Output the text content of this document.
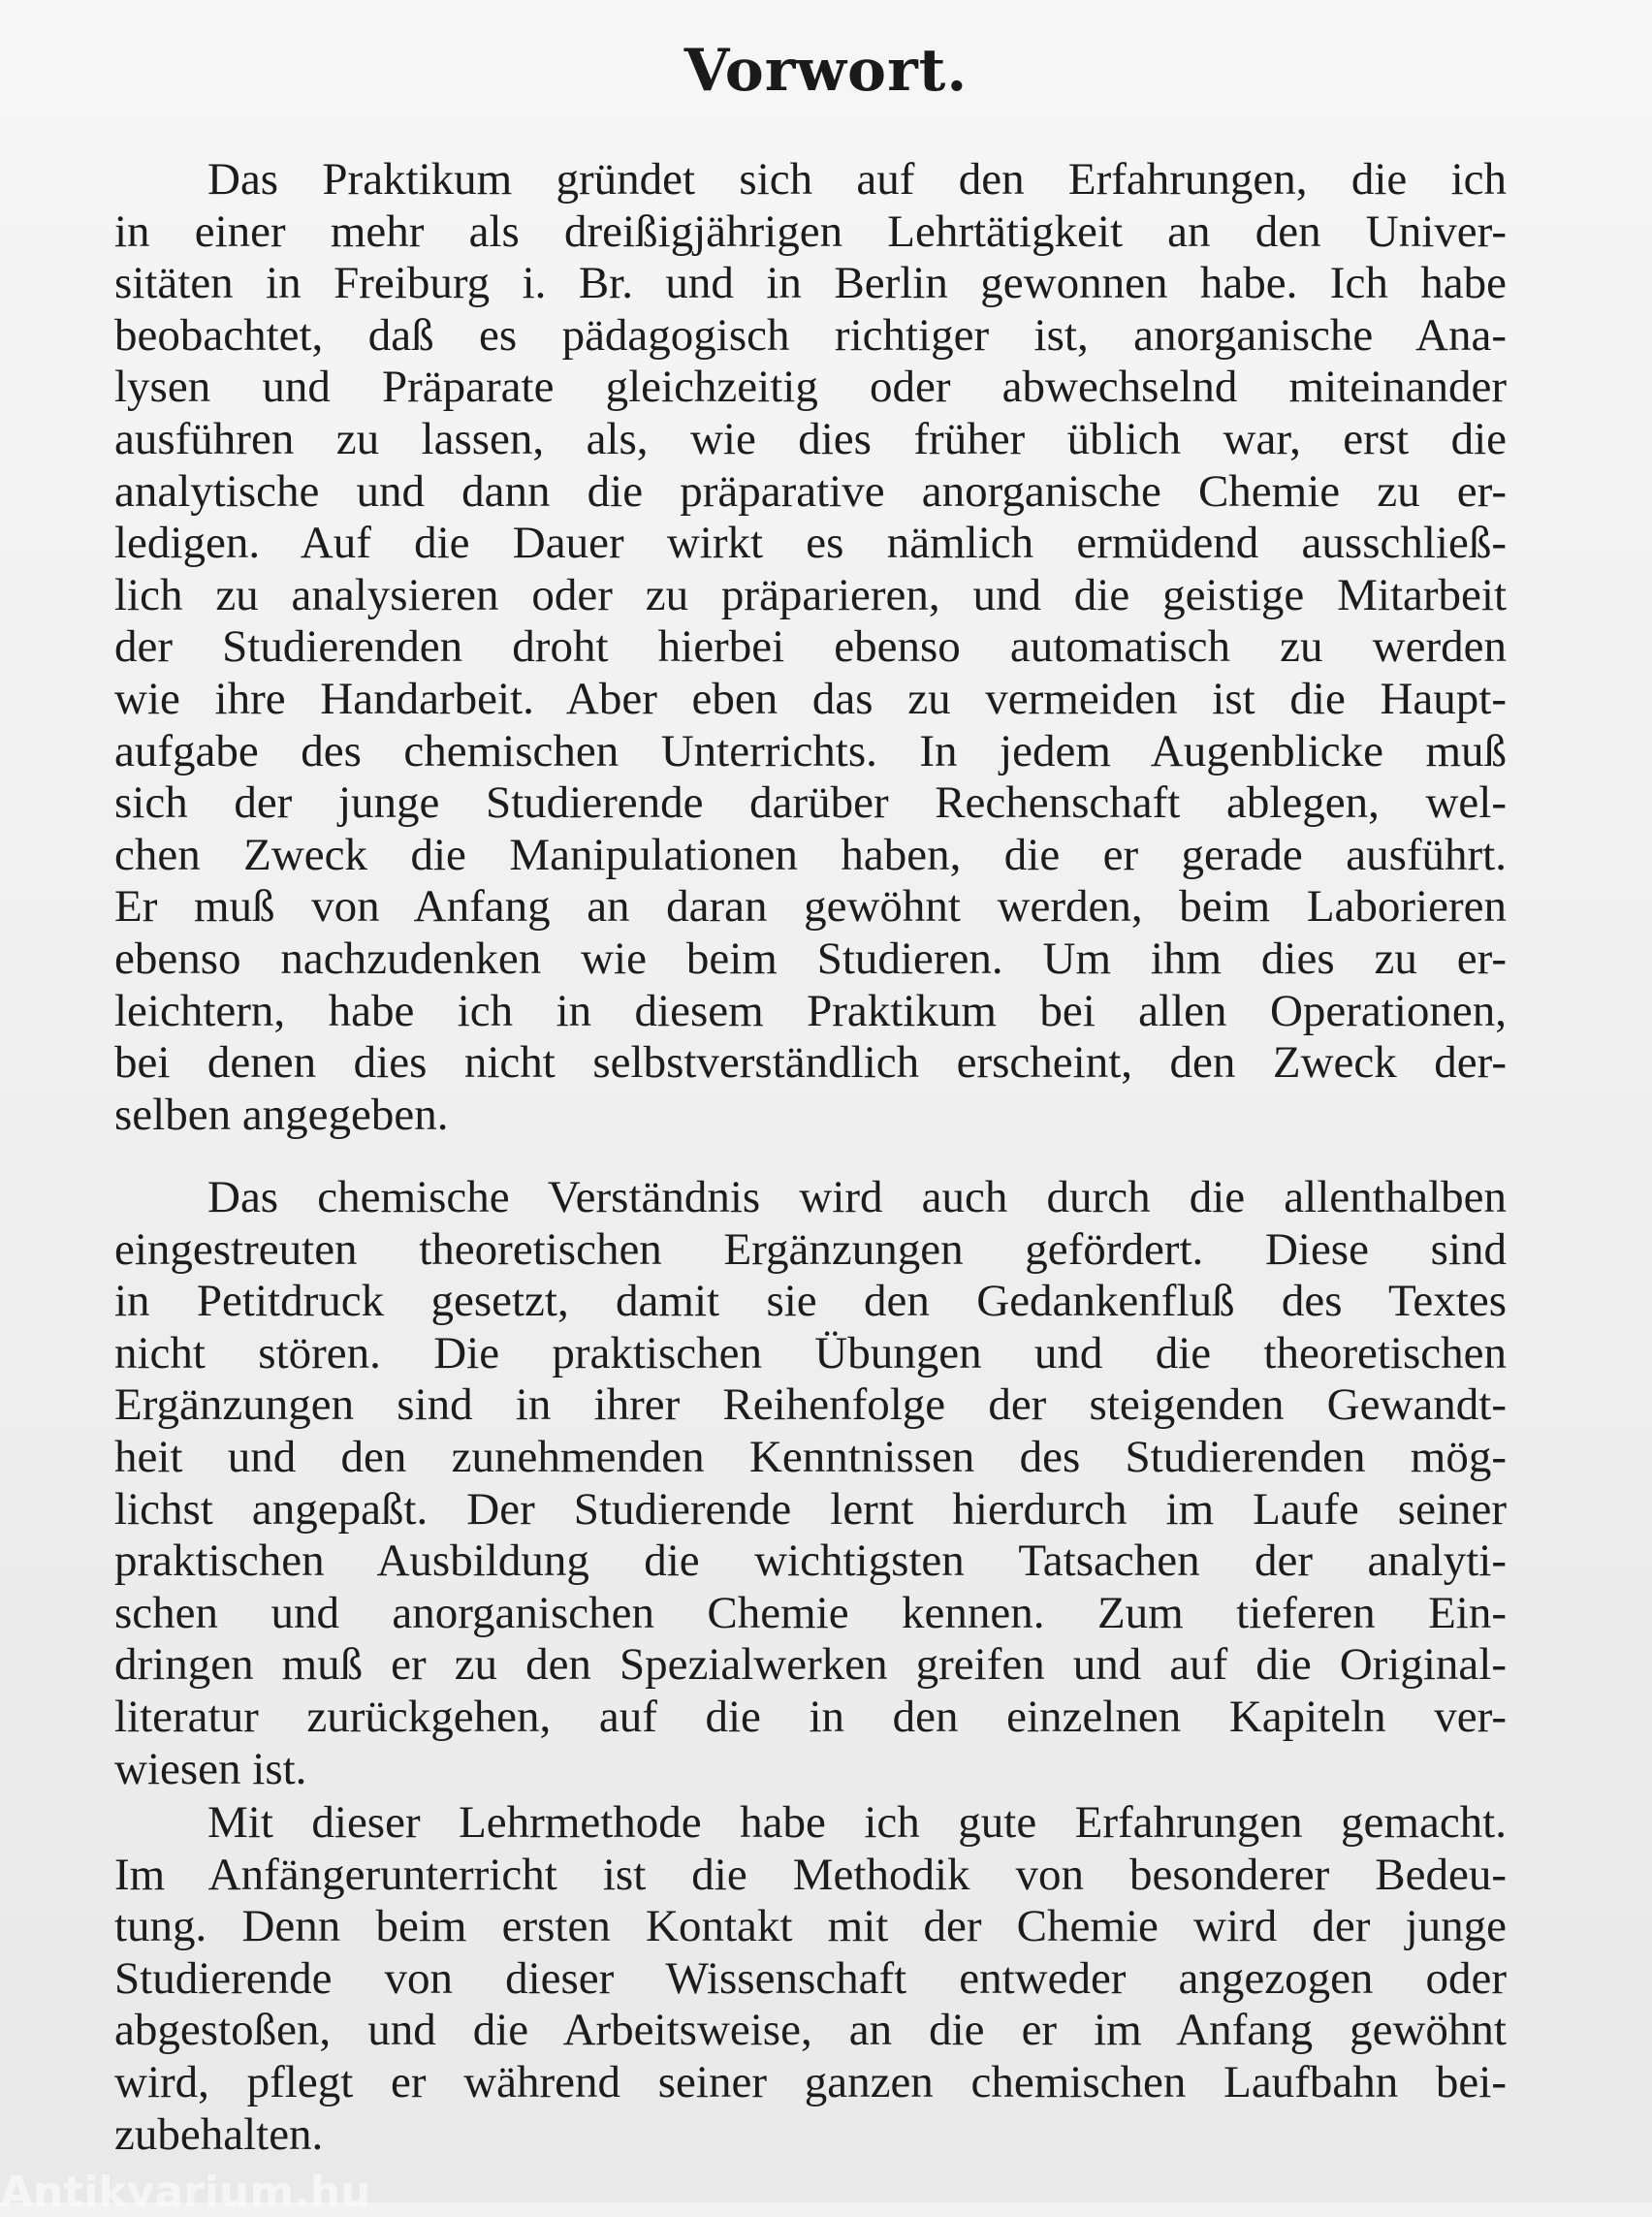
Vorwort.
Das Praktikum gründet sich auf den Erfahrungen, die ich
in einer mehr als dreißigjährigen Lehrtätigkeit an den Univer-
sitäten in Freiburg i. Br. und in Berlin gewonnen habe. Ich habe
beobachtet, daß es pädagogisch richtiger ist, anorganische Ana-
lysen und Präparate gleichzeitig oder abwechselnd miteinander
ausführen zu lassen, als, wie dies früher üblich war, erst die
analytische und dann die präparative anorganische Chemie zu er-
ledigen. Auf die Dauer wirkt es nämlich ermüdend ausschließ-
lich zu analysieren oder zu präparieren, und die geistige Mitarbeit
der Studierenden droht hierbei ebenso automatisch zu werden
wie ihre Handarbeit. Aber eben das zu vermeiden ist die Haupt-
aufgabe des chemischen Unterrichts. In jedem Augenblicke muß
sich der junge Studierende darüber Rechenschaft ablegen, wel-
chen Zweck die Manipulationen haben, die er gerade ausführt.
Er muß von Anfang an daran gewöhnt werden, beim Laborieren
ebenso nachzudenken wie beim Studieren. Um ihm dies zu er-
leichtern, habe ich in diesem Praktikum bei allen Operationen,
bei denen dies nicht selbstverständlich erscheint, den Zweck der-
selben angegeben.
Das chemische Verständnis wird auch durch die allenthalben
eingestreuten theoretischen Ergänzungen gefördert. Diese sind
in Petitdruck gesetzt, damit sie den Gedankenfluß des Textes
nicht stören. Die praktischen Übungen und die theoretischen
Ergänzungen sind in ihrer Reihenfolge der steigenden Gewandt-
heit und den zunehmenden Kenntnissen des Studierenden mög-
lichst angepaßt. Der Studierende lernt hierdurch im Laufe seiner
praktischen Ausbildung die wichtigsten Tatsachen der analyti-
schen und anorganischen Chemie kennen. Zum tieferen Ein-
dringen muß er zu den Spezialwerken greifen und auf die Original-
literatur zurückgehen, auf die in den einzelnen Kapiteln ver-
wiesen ist.
Mit dieser Lehrmethode habe ich gute Erfahrungen gemacht.
Im Anfängerunterricht ist die Methodik von besonderer Bedeu-
tung. Denn beim ersten Kontakt mit der Chemie wird der junge
Studierende von dieser Wissenschaft entweder angezogen oder
abgestoßen, und die Arbeitsweise, an die er im Anfang gewöhnt
wird, pflegt er während seiner ganzen chemischen Laufbahn bei-
zubehalten.
Antikvarium.hu
